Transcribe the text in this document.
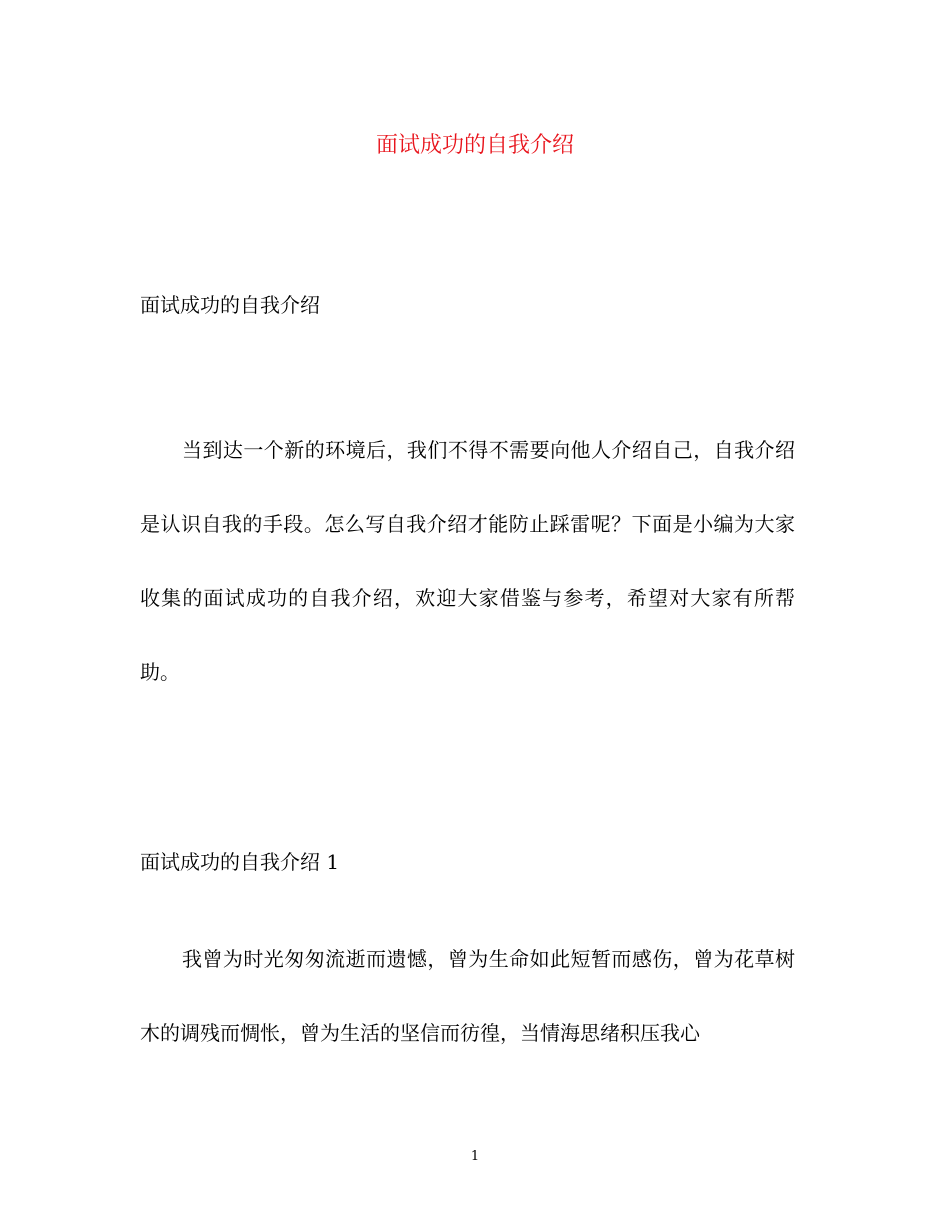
面试成功的自我介绍
面试成功的自我介绍
当到达一个新的环境后，我们不得不需要向他人介绍自己，自我介绍是认识自我的手段。怎么写自我介绍才能防止踩雷呢？下面是小编为大家收集的面试成功的自我介绍，欢迎大家借鉴与参考，希望对大家有所帮助。
面试成功的自我介绍 1
我曾为时光匆匆流逝而遗憾，曾为生命如此短暂而感伤，曾为花草树木的调残而惆怅，曾为生活的坚信而彷徨，当情海思绪积压我心
1
